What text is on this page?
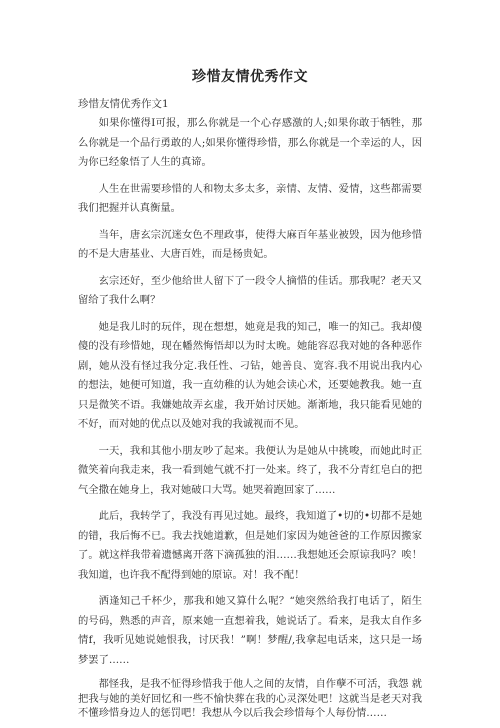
珍惜友情优秀作文
珍惜友情优秀作文1

如果你懂得Ⅰ可报，那么你就是一个心存感激的人;如果你敢于牺牲，那么你就是一个品行勇敢的人;如果你懂得珍惜，那么你就是一个幸运的人，因为你已经象悟了人生的真谛。

人生在世需要珍惜的人和物太多太多，亲情、友情、爱情，这些都需要我们把握并认真衡量。

当年，唐玄宗沉迷女色不理政事，使得大麻百年基业被毁，因为他珍惜的不是大唐基业、大唐百姓，而是杨贵妃。

玄宗还好，至少他给世人留下了一段令人摘惜的佳话。那我呢？老天又留给了我什么啊？

她是我儿时的玩伴，现在想想，她竟是我的知己，唯一的知己。我却傻傻的没有珍惜她，现在幡然悔悟却以为时太晚。她能容忍我对她的各种恶作剧，她从没有怪过我分定.我任性、刁钻，她善良、宽容.我不用说出我内心的想法，她便可知道，我一直幼稚的认为她会读心术，还要她教我。她一直只是微笑不语。我嫌她故弄玄虚，我开始讨厌她。渐渐地，我只能看见她的不好，而对她的优点以及她对我的我诚视而不见。

一天，我和其他小朋友吵了起来。我便认为是她从中挑唆，而她此时正微笑着向我走来，我一看到她气就不打一处来。终了，我不分青红皂白的把气全撒在她身上，我对她破口大骂。她哭着跑回家了……

此后，我转学了，我没有再见过她。最终，我知道了•切的•切都不是她的错，我后悔不已。我去找她道歉，但是她们家因为她爸爸的工作原因搬家了。就这样我带着遗憾离开落下滴孤独的泪……我想她还会原谅我吗？唉！我知道，也许我不配得到她的原谅。对！我不配！

洒逢知己千杯少，那我和她又算什么呢？“她突然给我打电话了，陌生的号码，熟悉的声音，原来她一直想着我，她说话了。看来，是我太自作多情f，我听见她说她恨我，讨厌我！”啊！梦醒/,我拿起电话来，这只是一场梦罢了……

都怪我，是我不怔得珍惜我于他人之间的友情，自作孽不可活，我怨 就把我与她的美好回忆和一些不愉快葬在我的心灵深处吧！这就当是老天对我不懂珍惜身边人的惩罚吧！我想从今以后我会珍惜每个人每份情……
